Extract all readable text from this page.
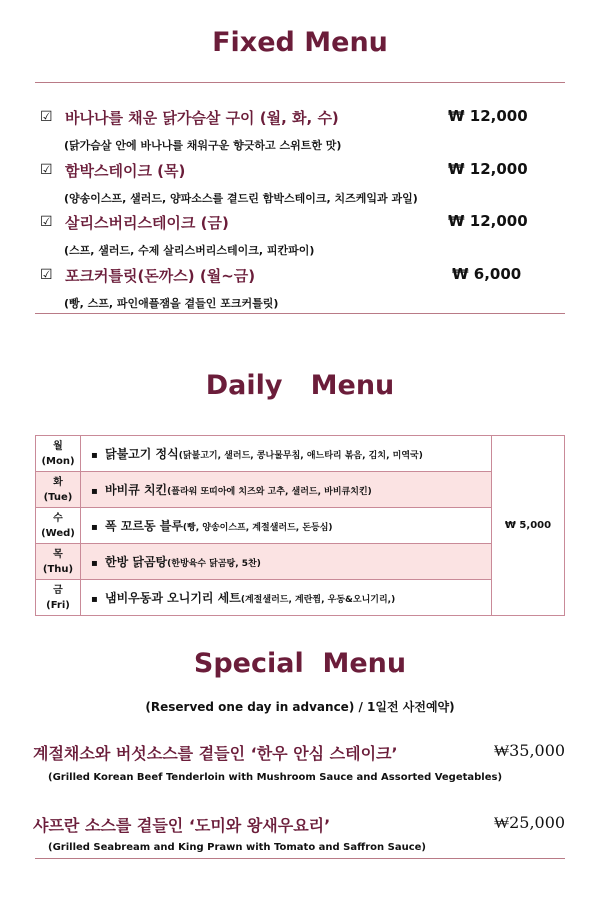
Fixed Menu
☑ 바나나를 채운 닭가슴살 구이 (월, 화, 수)	₩ 12,000
(닭가슴살 안에 바나나를 채워구운 향긋하고 스위트한 맛)
☑ 함박스테이크 (목)	₩ 12,000
(양송이스프, 샐러드, 양파소스를 곁드린 함박스테이크, 치즈케잌과 과일)
☑ 살리스버리스테이크 (금)	₩ 12,000
(스프, 샐러드, 수제 살리스버리스테이크, 피칸파이)
☑ 포크커틀릿(돈까스) (월~금)	₩ 6,000
(빵, 스프, 파인애플잼을 곁들인 포크커틀릿)
Daily   Menu
월
(Mon)	▪ 닭불고기 정식(닭불고기, 샐러드, 콩나물무침, 애느타리 볶음, 김치, 미역국)	₩ 5,000

화
(Tue)	▪ 바비큐 치킨(플라워 또띠아에 치즈와 고추, 샐러드, 바비큐치킨)	

수
(Wed)	▪ 폭 꼬르동 블루(빵, 양송이스프, 계절샐러드, 돈등심)	

목
(Thu)	▪ 한방 닭곰탕(한방육수 닭곰탕, 5찬)	

금
(Fri)	▪ 냄비우동과 오니기리 세트(계절샐러드, 계란찜, 우동&오니기리,)	
Special  Menu
(Reserved one day in advance) / 1일전 사전예약)
계절채소와 버섯소스를 곁들인 ‘한우 안심 스테이크’	₩35,000
(Grilled Korean Beef Tenderloin with Mushroom Sauce and Assorted Vegetables)
샤프란 소스를 곁들인 ‘도미와 왕새우요리’	₩25,000
(Grilled Seabream and King Prawn with Tomato and Saffron Sauce)
